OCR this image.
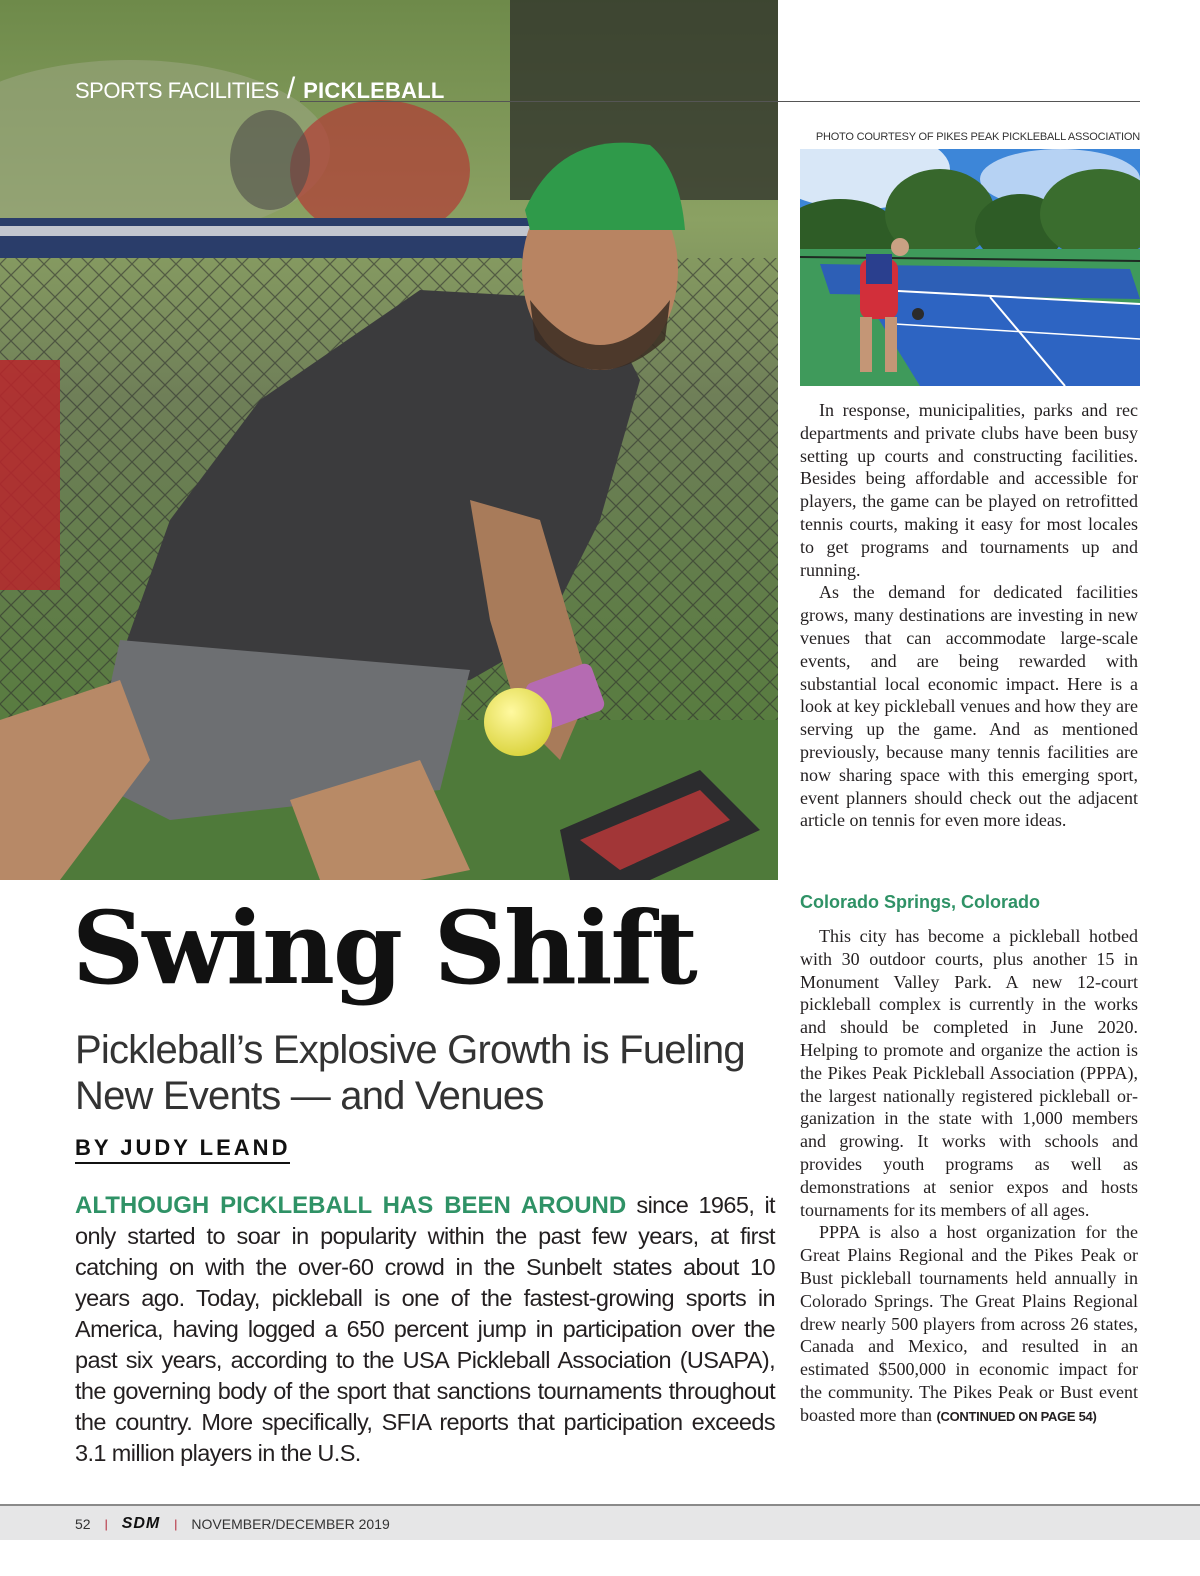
SPORTS FACILITIES / PICKLEBALL
PHOTO COURTESY OF PIKES PEAK PICKLEBALL ASSOCIATION

In response, municipalities, parks and rec departments and private clubs have been busy setting up courts and constructing facilities. Besides being affordable and accessible for players, the game can be played on retrofitted tennis courts, making it easy for most locales to get programs and tournaments up and running.

As the demand for dedicated facilities grows, many destinations are investing in new venues that can accommodate large-scale events, and are being rewarded with substantial local economic impact. Here is a look at key pickleball venues and how they are serving up the game. And as mentioned previously, because many tennis facilities are now sharing space with this emerging sport, event planners should check out the adjacent article on tennis for even more ideas.

Colorado Springs, Colorado

This city has become a pickleball hotbed with 30 outdoor courts, plus another 15 in Monument Valley Park. A new 12-court pickleball complex is currently in the works and should be completed in June 2020. Helping to promote and organize the action is the Pikes Peak Pickleball Association (PPPA), the largest nationally registered pickleball organization in the state with 1,000 members and growing. It works with schools and provides youth programs as well as demonstrations at senior expos and hosts tournaments for its members of all ages.

PPPA is also a host organization for the Great Plains Regional and the Pikes Peak or Bust pickleball tournaments held annually in Colorado Springs. The Great Plains Regional drew nearly 500 players from across 26 states, Canada and Mexico, and resulted in an estimated $500,000 in economic impact for the community. The Pikes Peak or Bust event boasted more than (CONTINUED ON PAGE 54)

Swing Shift
Pickleball’s Explosive Growth is Fueling New Events — and Venues
BY JUDY LEAND
ALTHOUGH PICKLEBALL HAS BEEN AROUND since 1965, it only started to soar in popularity within the past few years, at first catching on with the over-60 crowd in the Sunbelt states about 10 years ago. Today, pickleball is one of the fastest-growing sports in America, having logged a 650 percent jump in participation over the past six years, according to the USA Pickleball Association (USAPA), the governing body of the sport that sanctions tournaments throughout the country. More specifically, SFIA reports that participation exceeds 3.1 million players in the U.S.
52 | SDM | NOVEMBER/DECEMBER 2019
